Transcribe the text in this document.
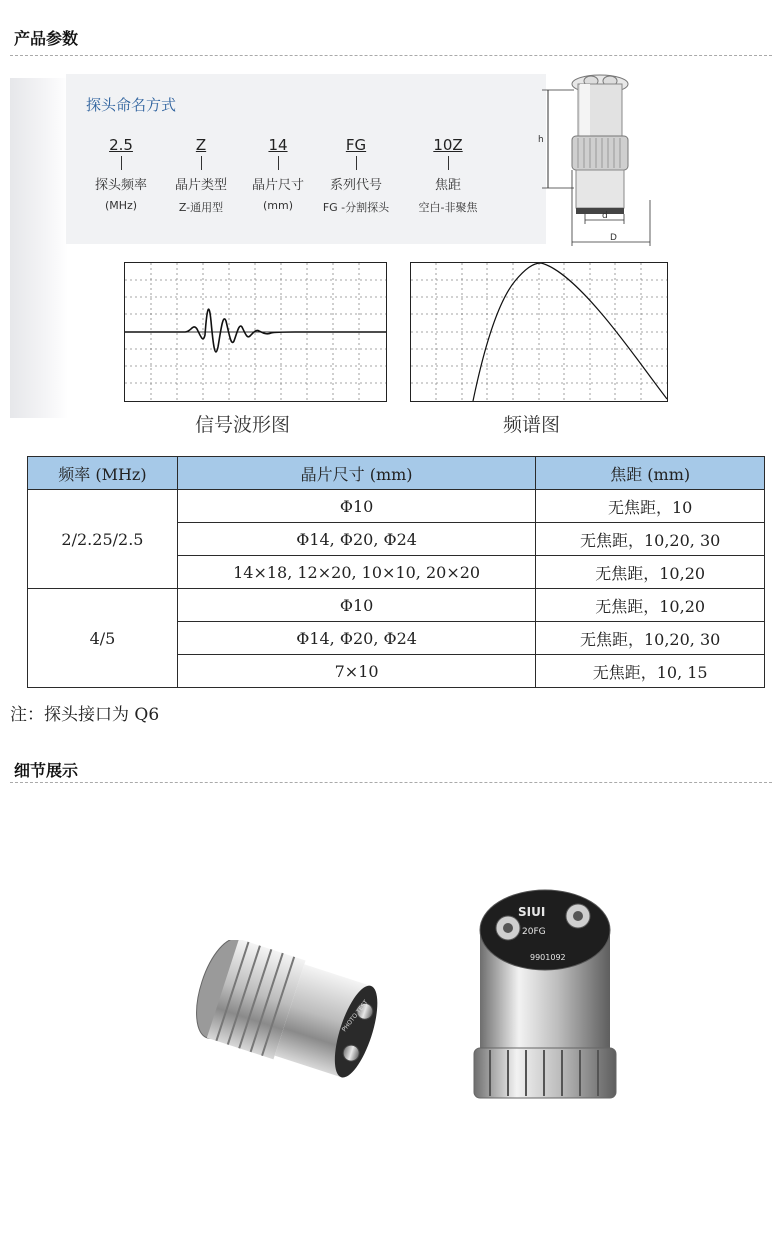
产品参数
探头命名方式
2.5
探头频率
(MHz)
Z
晶片类型
Z-通用型
14
晶片尺寸
(mm)
FG
系列代号
FG -分割探头
10Z
焦距
空白-非聚焦
h
d
D
信号波形图	频谱图
频率 (MHz)	晶片尺寸 (mm)	焦距 (mm)
2/2.25/2.5	Φ10	无焦距，10
	Φ14, Φ20, Φ24	无焦距，10,20, 30
	14×18, 12×20, 10×10, 20×20	无焦距，10,20
4/5	Φ10	无焦距，10,20
	Φ14, Φ20, Φ24	无焦距，10,20, 30
	7×10	无焦距，10, 15
注：探头接口为 Q6
细节展示
PHOTO TEST
SIUI
20FG
9901092
